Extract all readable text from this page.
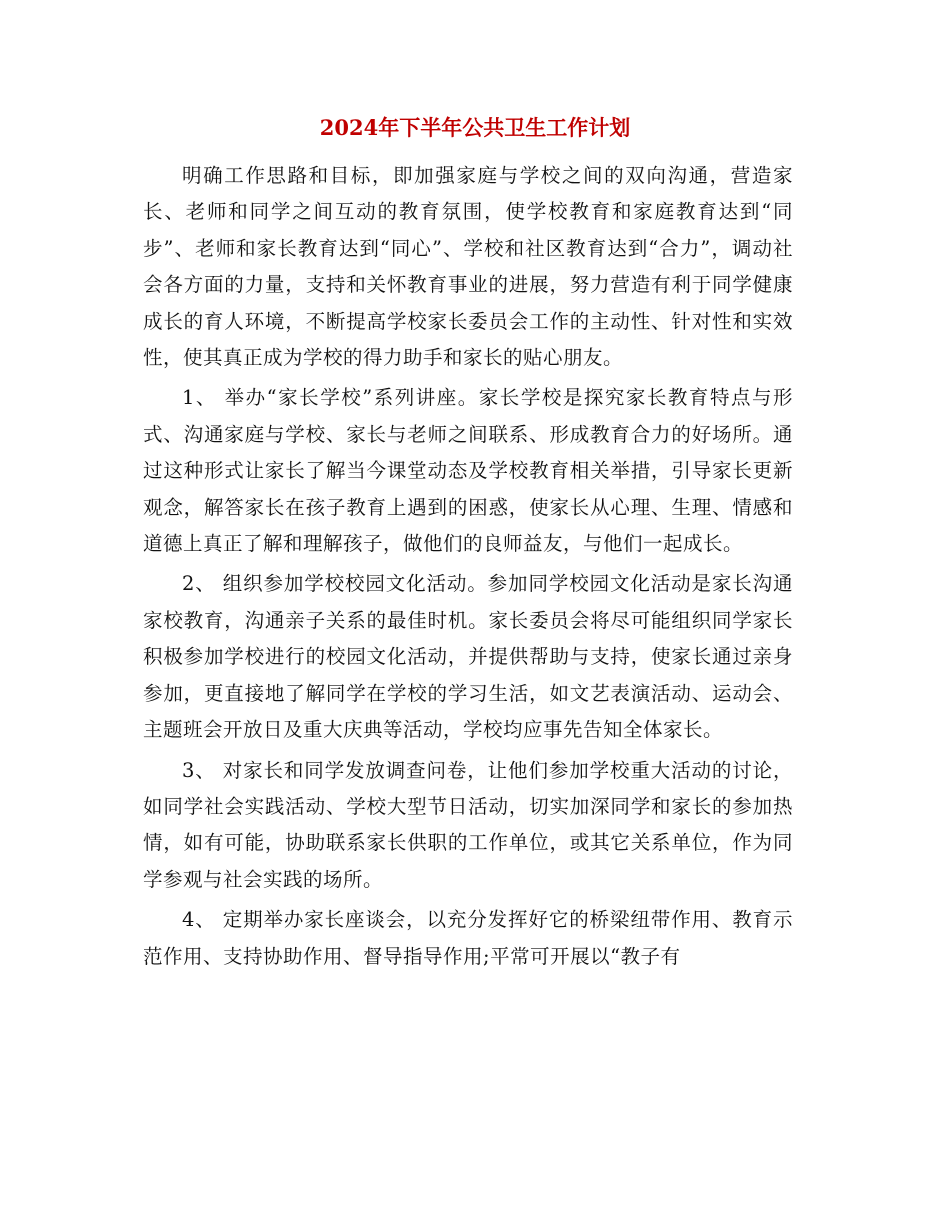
2024年下半年公共卫生工作计划

明确工作思路和目标，即加强家庭与学校之间的双向沟通，营造家长、老师和同学之间互动的教育氛围，使学校教育和家庭教育达到“同步”、老师和家长教育达到“同心”、学校和社区教育达到“合力”，调动社会各方面的力量，支持和关怀教育事业的进展，努力营造有利于同学健康成长的育人环境，不断提高学校家长委员会工作的主动性、针对性和实效性，使其真正成为学校的得力助手和家长的贴心朋友。

1、 举办“家长学校”系列讲座。家长学校是探究家长教育特点与形式、沟通家庭与学校、家长与老师之间联系、形成教育合力的好场所。通过这种形式让家长了解当今课堂动态及学校教育相关举措，引导家长更新观念，解答家长在孩子教育上遇到的困惑，使家长从心理、生理、情感和道德上真正了解和理解孩子，做他们的良师益友，与他们一起成长。

2、 组织参加学校校园文化活动。参加同学校园文化活动是家长沟通家校教育，沟通亲子关系的最佳时机。家长委员会将尽可能组织同学家长积极参加学校进行的校园文化活动，并提供帮助与支持，使家长通过亲身参加，更直接地了解同学在学校的学习生活，如文艺表演活动、运动会、主题班会开放日及重大庆典等活动，学校均应事先告知全体家长。

3、 对家长和同学发放调查问卷，让他们参加学校重大活动的讨论，如同学社会实践活动、学校大型节日活动，切实加深同学和家长的参加热情，如有可能，协助联系家长供职的工作单位，或其它关系单位，作为同学参观与社会实践的场所。

4、 定期举办家长座谈会，以充分发挥好它的桥梁纽带作用、教育示范作用、支持协助作用、督导指导作用;平常可开展以“教子有
